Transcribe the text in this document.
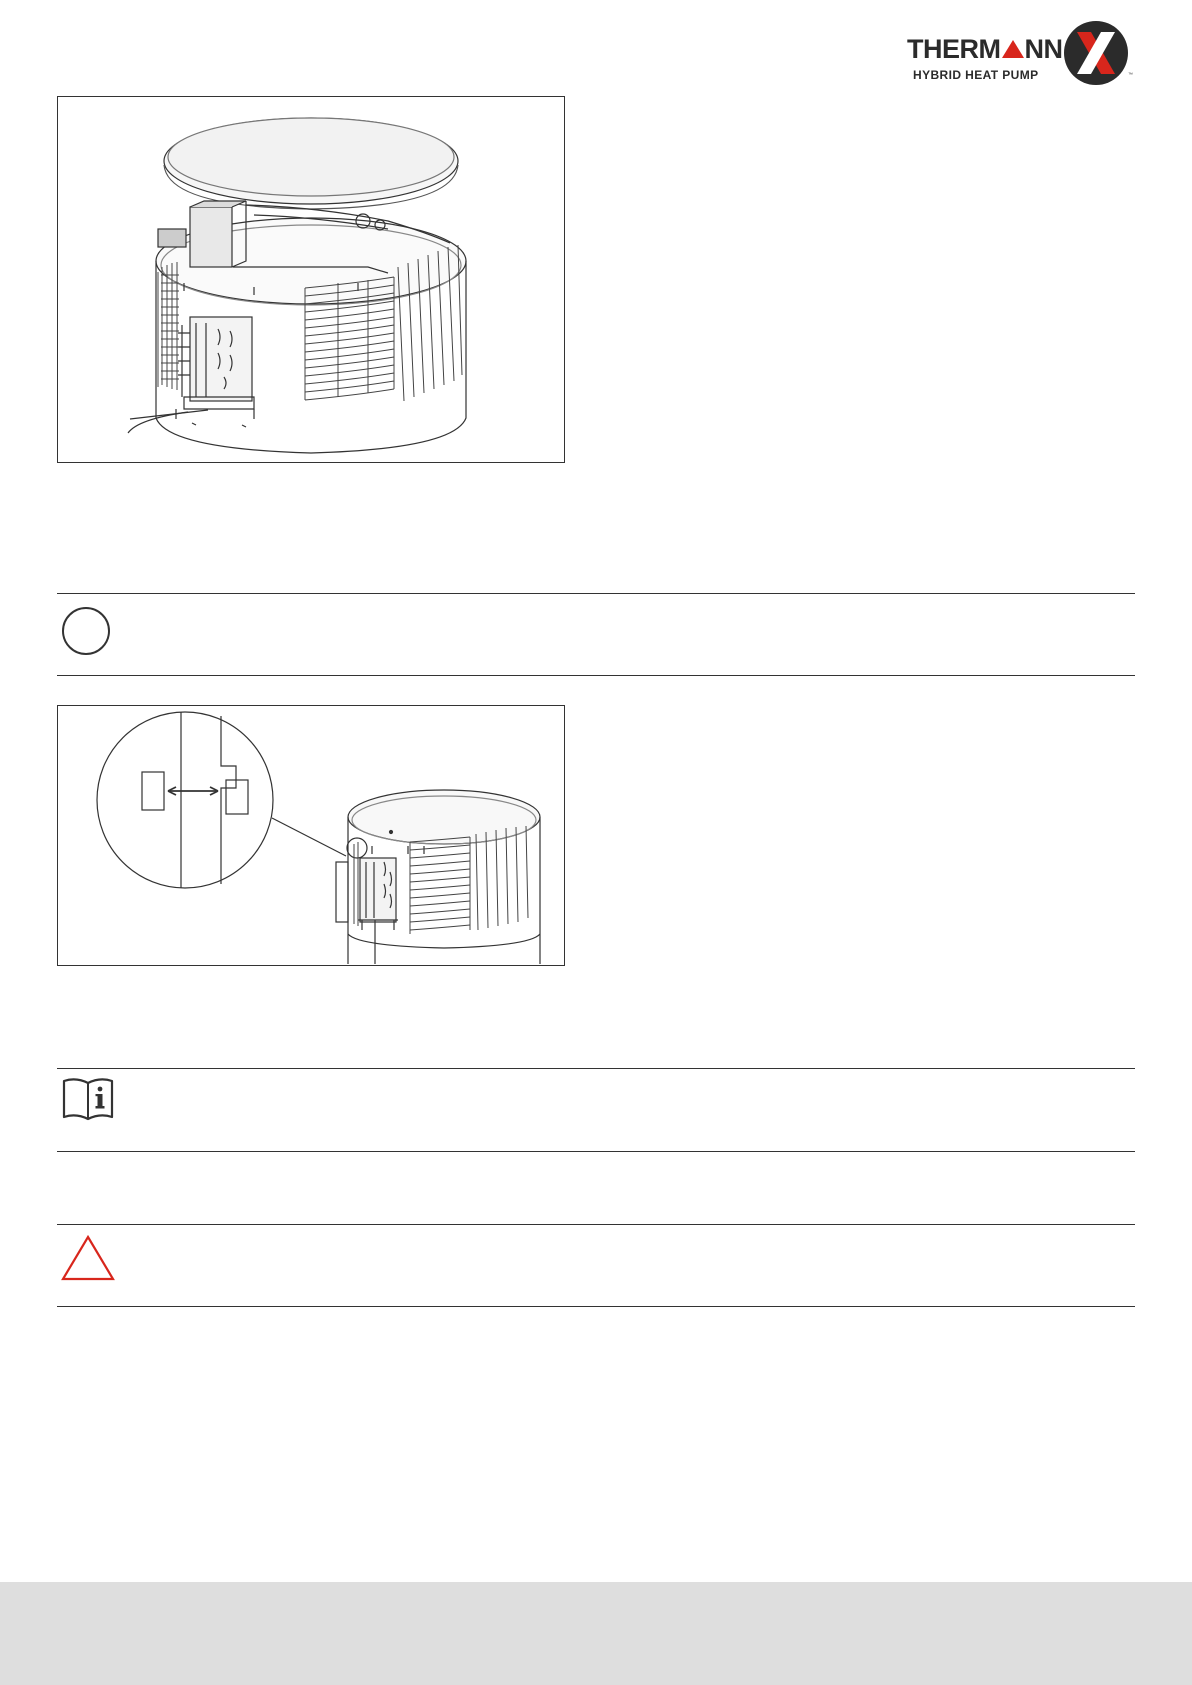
THERM NN
HYBRID HEAT PUMP	™
